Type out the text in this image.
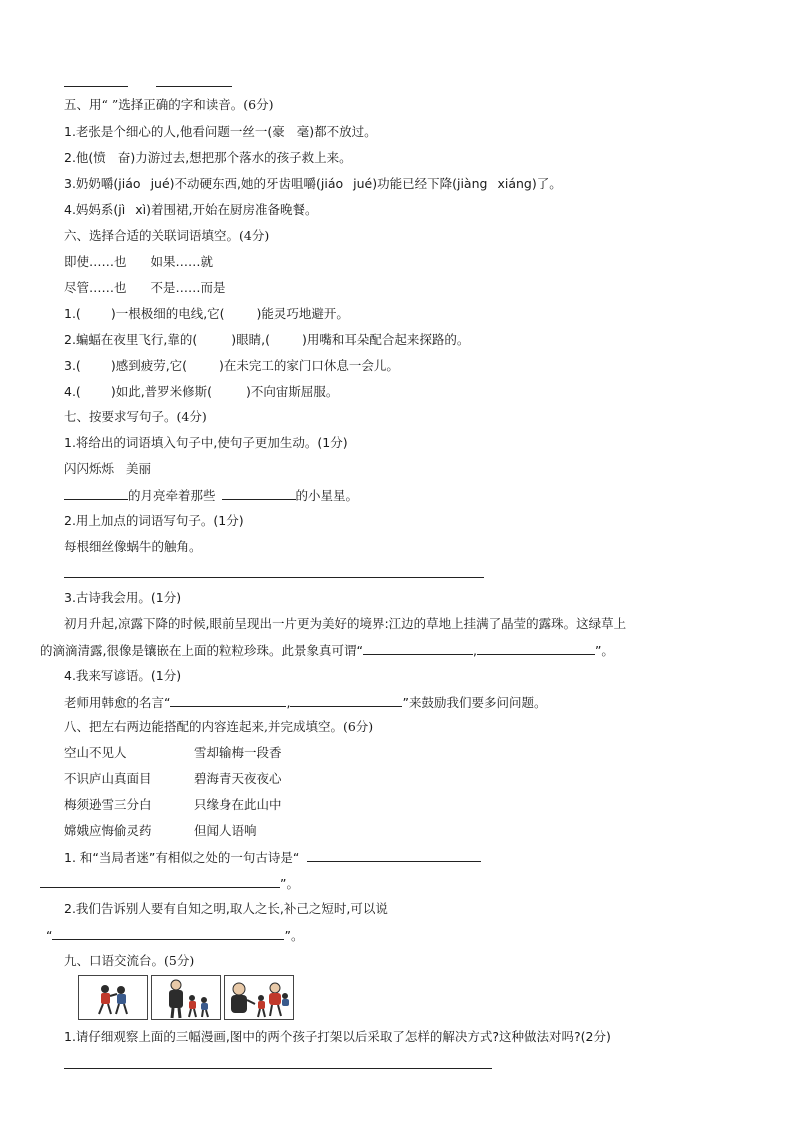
五、用“ ”选择正确的字和读音。(6分)
1.老张是个细心的人,他看问题一丝一(豪 毫)都不放过。
2.他(愤 奋)力游过去,想把那个落水的孩子救上来。
3.奶奶嚼(jiáo jué)不动硬东西,她的牙齿咀嚼(jiáo jué)功能已经下降(jiàng xiáng)了。
4.妈妈系(jì xì)着围裙,开始在厨房准备晚餐。
六、选择合适的关联词语填空。(4分)
即使……也 如果……就
尽管……也 不是……而是
1.( )一根极细的电线,它(	)能灵巧地避开。
2.蝙蝠在夜里飞行,靠的(	)眼睛,(	)用嘴和耳朵配合起来探路的。
3.( )感到疲劳,它(	)在未完工的家门口休息一会儿。
4.( )如此,普罗米修斯(	)不向宙斯屈服。
七、按要求写句子。(4分)
1.将给出的词语填入句子中,使句子更加生动。(1分)
闪闪烁烁 美丽
的月亮牵着那些	的小星星。
2.用上加点的词语写句子。(1分)
每根细丝像蜗牛的触角。
3.古诗我会用。(1分)
初月升起,凉露下降的时候,眼前呈现出一片更为美好的境界:江边的草地上挂满了晶莹的露珠。这绿草上
的滴滴清露,很像是镶嵌在上面的粒粒珍珠。此景象真可谓“	,	”。
4.我来写谚语。(1分)
老师用韩愈的名言“	,	”来鼓励我们要多问问题。
八、把左右两边能搭配的内容连起来,并完成填空。(6分)
空山不见人	雪却输梅一段香
不识庐山真面目	碧海青天夜夜心
梅须逊雪三分白	只缘身在此山中
嫦娥应悔偷灵药	但闻人语响
1. 和“当局者迷”有相似之处的一句古诗是“
”。
2.我们告诉别人要有自知之明,取人之长,补己之短时,可以说
“	”。
九、口语交流台。(5分)
1.请仔细观察上面的三幅漫画,图中的两个孩子打架以后采取了怎样的解决方式?这种做法对吗?(2分)
